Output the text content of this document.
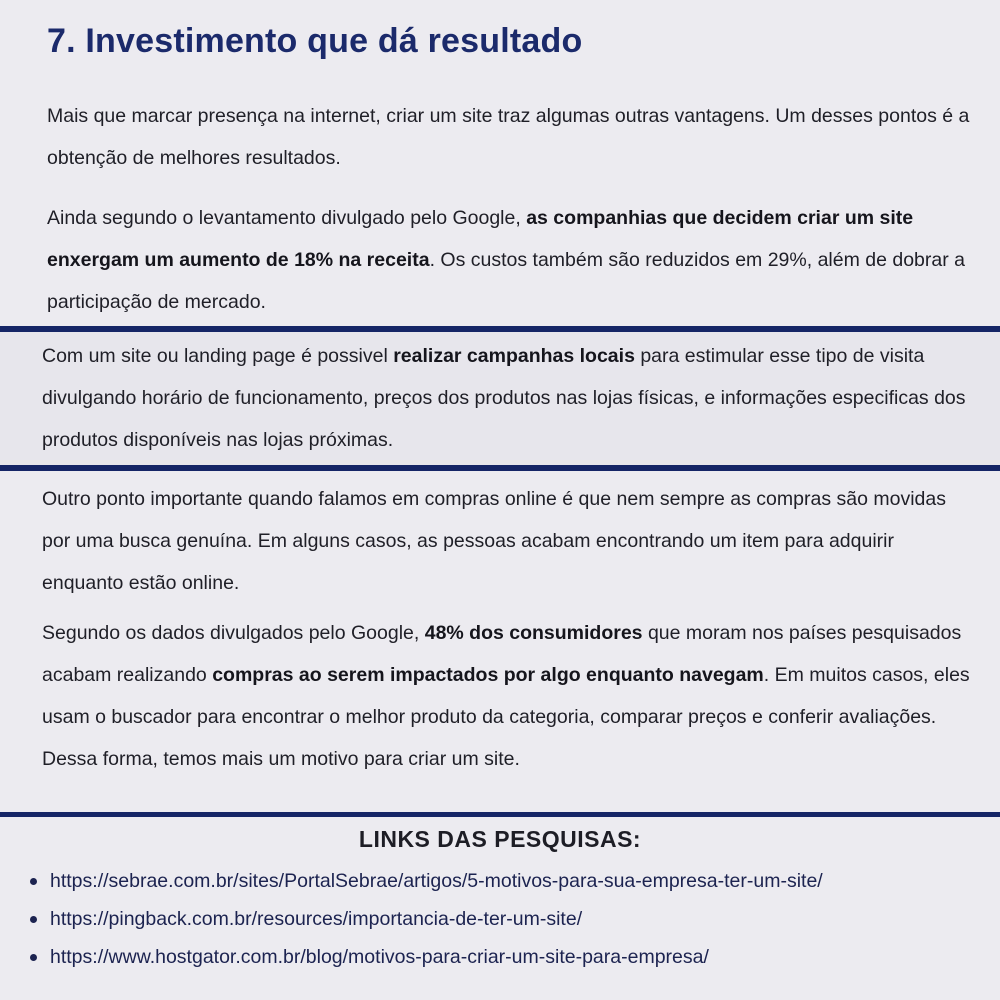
7. Investimento que dá resultado

Mais que marcar presença na internet, criar um site traz algumas outras vantagens. Um desses pontos é a obtenção de melhores resultados.

Ainda segundo o levantamento divulgado pelo Google, as companhias que decidem criar um site enxergam um aumento de 18% na receita. Os custos também são reduzidos em 29%, além de dobrar a participação de mercado.

Com um site ou landing page é possivel realizar campanhas locais para estimular esse tipo de visita divulgando horário de funcionamento, preços dos produtos nas lojas físicas, e informações especificas dos produtos disponíveis nas lojas próximas.

Outro ponto importante quando falamos em compras online é que nem sempre as compras são movidas por uma busca genuína. Em alguns casos, as pessoas acabam encontrando um item para adquirir enquanto estão online.

Segundo os dados divulgados pelo Google, 48% dos consumidores que moram nos países pesquisados acabam realizando compras ao serem impactados por algo enquanto navegam. Em muitos casos, eles usam o buscador para encontrar o melhor produto da categoria, comparar preços e conferir avaliações. Dessa forma, temos mais um motivo para criar um site.

LINKS DAS PESQUISAS:
https://sebrae.com.br/sites/PortalSebrae/artigos/5-motivos-para-sua-empresa-ter-um-site/
https://pingback.com.br/resources/importancia-de-ter-um-site/
https://www.hostgator.com.br/blog/motivos-para-criar-um-site-para-empresa/
